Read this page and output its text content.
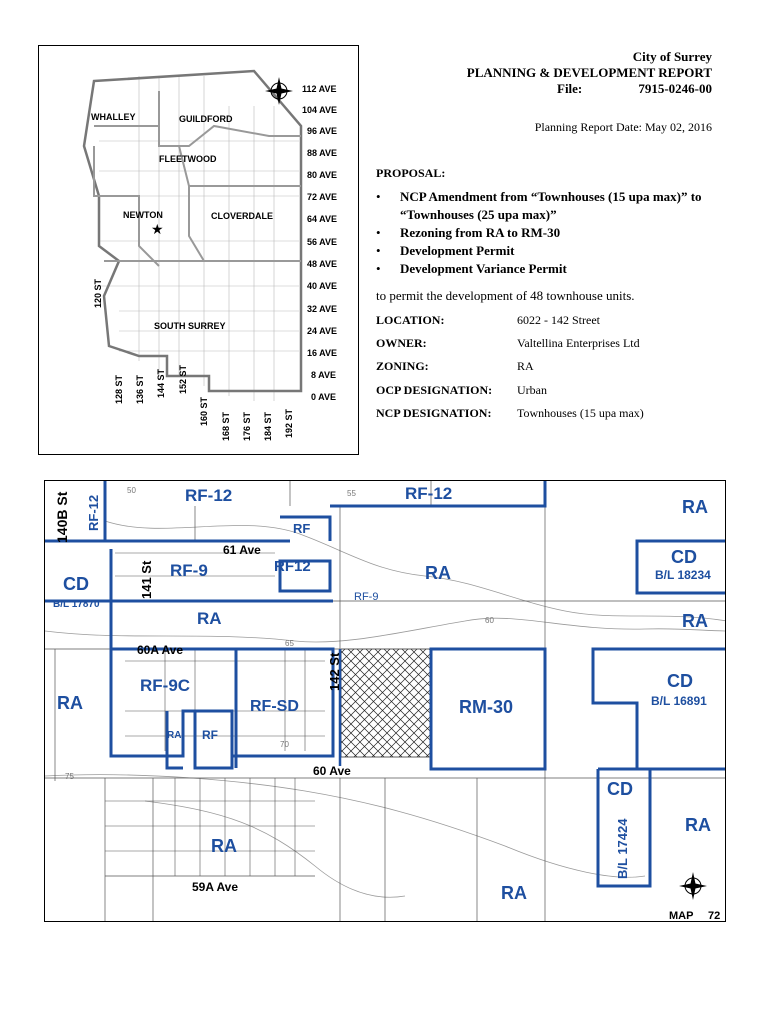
City of Surrey
PLANNING & DEVELOPMENT REPORT
File:	7915-0246-00
Planning Report Date: May 02, 2016
PROPOSAL:
• NCP Amendment from “Townhouses (15 upa max)” to “Townhouses (25 upa max)”
• Rezoning from RA to RM-30
• Development Permit
• Development Variance Permit
to permit the development of 48 townhouse units.
LOCATION:	6022 - 142 Street
OWNER:	Valtellina Enterprises Ltd
ZONING:	RA
OCP DESIGNATION: Urban
NCP DESIGNATION: Townhouses (15 upa max)
WHALLEY	GUILDFORD
FLEETWOOD
NEWTON	CLOVERDALE
SOUTH SURREY
★
112 AVE
104 AVE
96 AVE
88 AVE
80 AVE
72 AVE
64 AVE
56 AVE
48 AVE
40 AVE
32 AVE
24 AVE
16 AVE
8 AVE
0 AVE
120 ST
128 ST 136 ST 144 ST 152 ST
160 ST
168 ST 176 ST 184 ST 192 ST
50	55
60
65
70
75
RF-12	RF-12
RF-12	RF
RF12
RF-9
RF-9
RF-9C
RF-SD
RF
RA
RA
RA
RA
RA
RA
RA
RA
RA
CD
B/L 17870
CD
B/L 18234
CD
B/L 16891
RM-30
CD
B/L 17424
140B St
61 Ave
141 St
60A Ave
142 St
60 Ave
59A Ave
MAP 72
